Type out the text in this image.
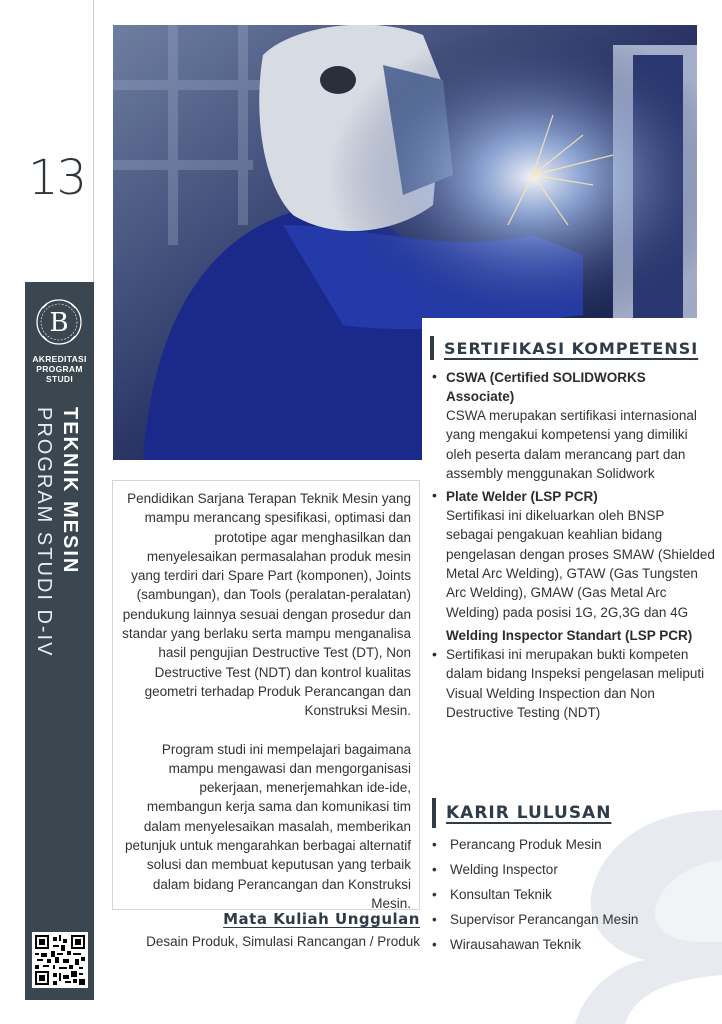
13
B
AKREDITASI
PROGRAM
STUDI
TEKNIK MESIN
PROGRAM STUDI D-IV	Pendidikan Sarjana Terapan Teknik Mesin yang mampu merancang spesifikasi, optimasi dan prototipe agar menghasilkan dan menyelesaikan permasalahan produk mesin yang terdiri dari Spare Part (komponen), Joints (sambungan), dan Tools (peralatan-peralatan) pendukung lainnya sesuai dengan prosedur dan standar yang berlaku serta mampu menganalisa hasil pengujian Destructive Test (DT), Non Destructive Test (NDT) dan kontrol kualitas geometri terhadap Produk Perancangan dan Konstruksi Mesin.

Program studi ini mempelajari bagaimana mampu mengawasi dan mengorganisasi pekerjaan, menerjemahkan ide-ide, membangun kerja sama dan komunikasi tim dalam menyelesaikan masalah, memberikan petunjuk untuk mengarahkan berbagai alternatif solusi dan membuat keputusan yang terbaik dalam bidang Perancangan dan Konstruksi Mesin.

Mata Kuliah Unggulan
Desain Produk, Simulasi Rancangan / Produk
SERTIFIKASI KOMPETENSI
• CSWA (Certified SOLIDWORKS Associate)
CSWA merupakan sertifikasi internasional yang mengakui kompetensi yang dimiliki oleh peserta dalam merancang part dan assembly menggunakan Solidwork
• Plate Welder (LSP PCR)
Sertifikasi ini dikeluarkan oleh BNSP sebagai pengakuan keahlian bidang pengelasan dengan proses SMAW (Shielded Metal Arc Welding), GTAW (Gas Tungsten Arc Welding), GMAW (Gas Metal Arc Welding) pada posisi 1G, 2G,3G dan 4G
•
Welding Inspector Standart (LSP PCR)
Sertifikasi ini merupakan bukti kompeten dalam bidang Inspeksi pengelasan meliputi Visual Welding Inspection dan Non Destructive Testing (NDT)
KARIR LULUSAN
• Perancang Produk Mesin
• Welding Inspector
• Konsultan Teknik
• Supervisor Perancangan Mesin
• Wirausahawan Teknik
